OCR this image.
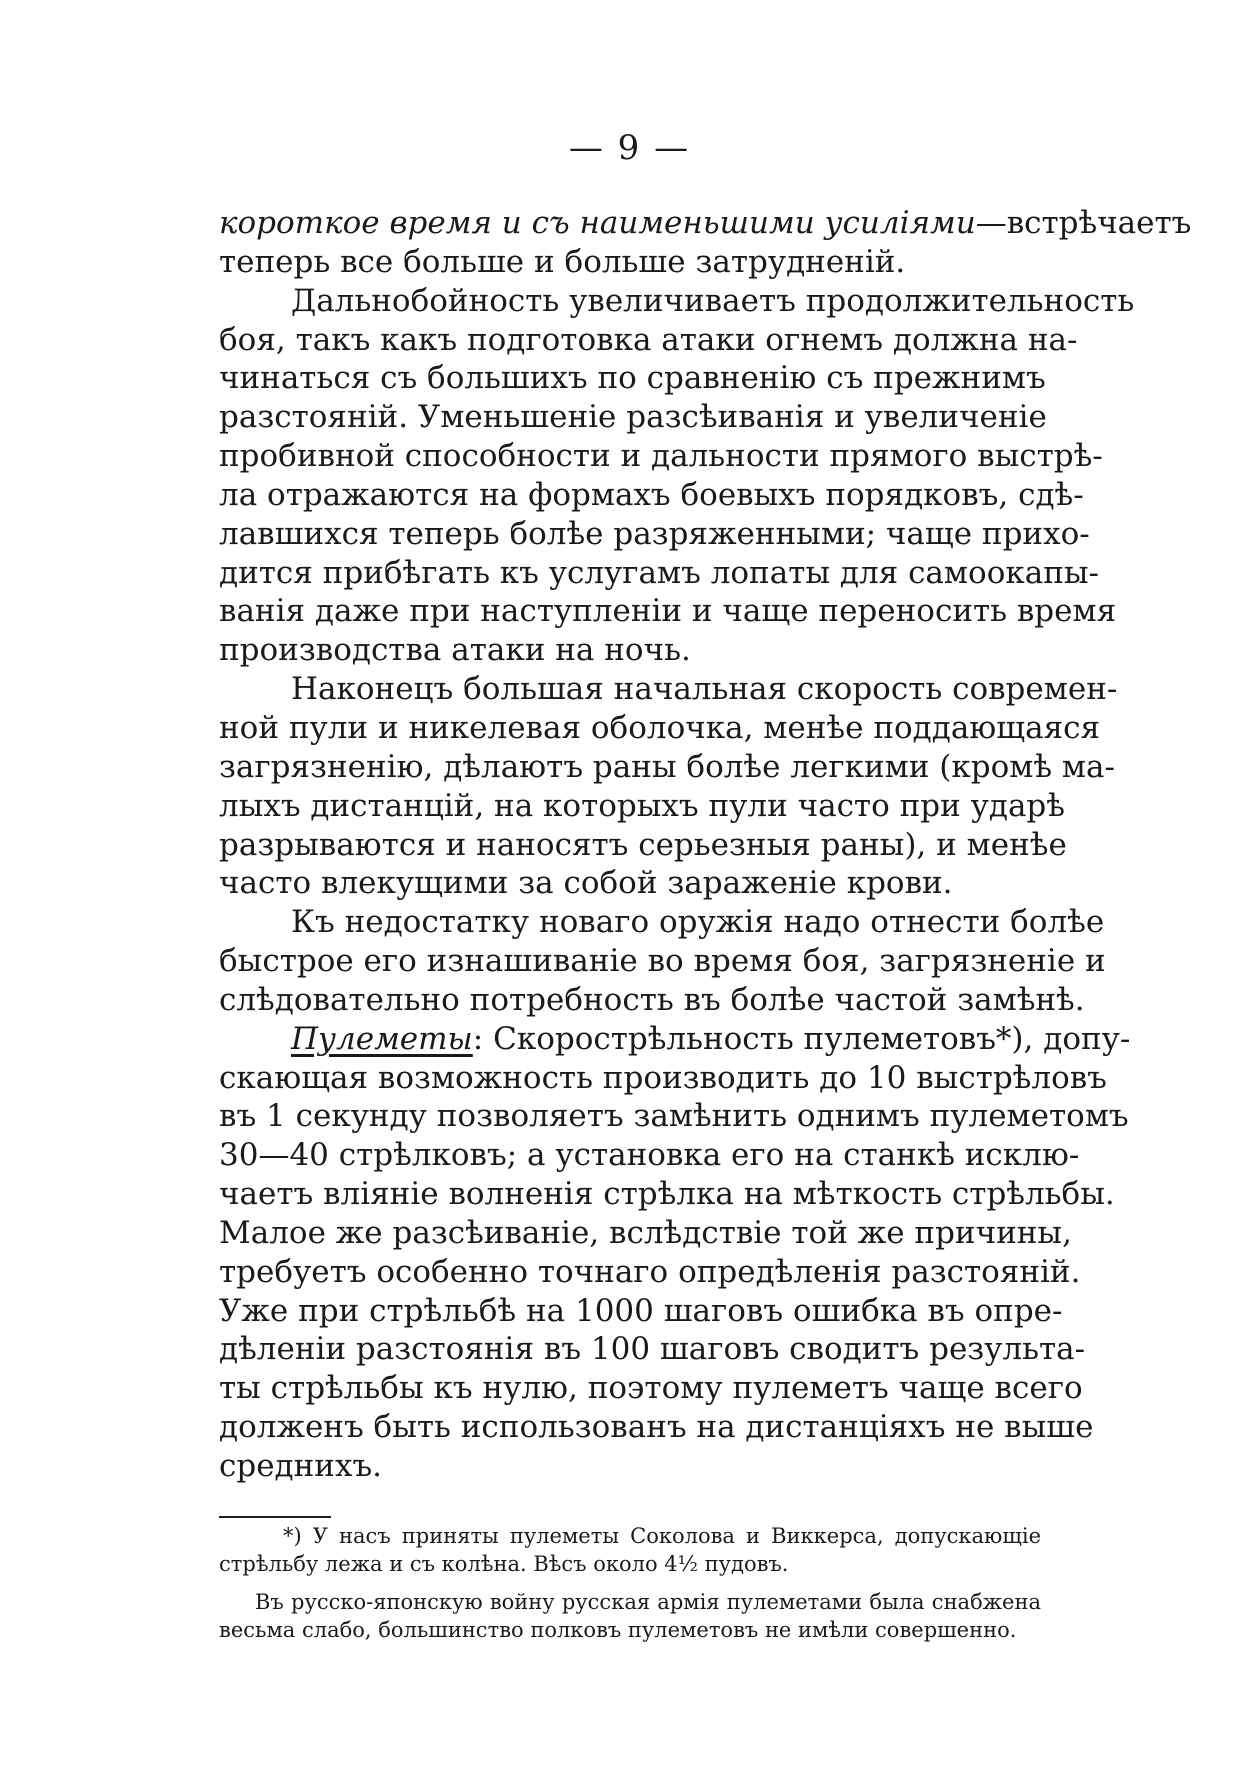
— 9 —
короткое время и съ наименьшими усиліями—встрѣчаетъ
теперь все больше и больше затрудненій.
Дальнобойность увеличиваетъ продолжительность
боя, такъ какъ подготовка атаки огнемъ должна на-
чинаться съ большихъ по сравненію съ прежнимъ
разстояній. Уменьшеніе разсѣиванія и увеличеніе
пробивной способности и дальности прямого выстрѣ-
ла отражаются на формахъ боевыхъ порядковъ, сдѣ-
лавшихся теперь болѣе разряженными; чаще прихо-
дится прибѣгать къ услугамъ лопаты для самоокапы-
ванія даже при наступленіи и чаще переносить время
производства атаки на ночь.
Наконецъ большая начальная скорость современ-
ной пули и никелевая оболочка, менѣе поддающаяся
загрязненію, дѣлаютъ раны болѣе легкими (кромѣ ма-
лыхъ дистанцій, на которыхъ пули часто при ударѣ
разрываются и наносятъ серьезныя раны), и менѣе
часто влекущими за собой зараженіе крови.
Къ недостатку новаго оружія надо отнести болѣе
быстрое его изнашиваніе во время боя, загрязненіе и
слѣдовательно потребность въ болѣе частой замѣнѣ.
Пулеметы: Скорострѣльность пулеметовъ*), допу-
скающая возможность производить до 10 выстрѣловъ
въ 1 секунду позволяетъ замѣнить однимъ пулеметомъ
30—40 стрѣлковъ; а установка его на станкѣ исклю-
чаетъ вліяніе волненія стрѣлка на мѣткость стрѣльбы.
Малое же разсѣиваніе, вслѣдствіе той же причины,
требуетъ особенно точнаго опредѣленія разстояній.
Уже при стрѣльбѣ на 1000 шаговъ ошибка въ опре-
дѣленіи разстоянія въ 100 шаговъ сводитъ результа-
ты стрѣльбы къ нулю, поэтому пулеметъ чаще всего
долженъ быть использованъ на дистанціяхъ не выше
среднихъ.
*) У насъ приняты пулеметы Соколова и Виккерса, допускающіе
стрѣльбу лежа и съ колѣна. Вѣсъ около 4½ пудовъ.
Въ русско-японскую войну русская армія пулеметами была снабжена
весьма слабо, большинство полковъ пулеметовъ не имѣли совершенно.
